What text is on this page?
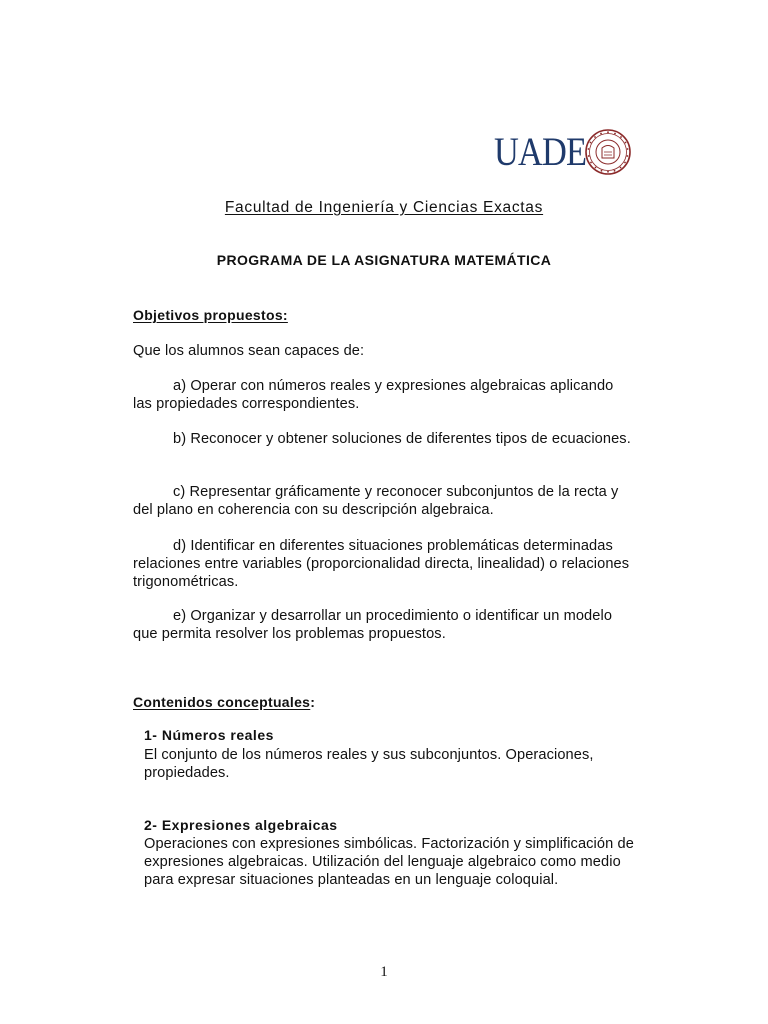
UADE
Facultad de Ingeniería y Ciencias Exactas
PROGRAMA DE LA ASIGNATURA MATEMÁTICA
Objetivos propuestos:

Que los alumnos sean capaces de:

a) Operar con números reales y expresiones algebraicas aplicando las propiedades correspondientes.

b) Reconocer y obtener soluciones de diferentes tipos de ecuaciones.

c) Representar gráficamente y reconocer subconjuntos de la recta y del plano en coherencia con su descripción algebraica.

d) Identificar en diferentes situaciones problemáticas determinadas relaciones entre variables (proporcionalidad directa, linealidad) o relaciones trigonométricas.

e) Organizar y desarrollar un procedimiento o identificar un modelo que permita resolver los problemas propuestos.

Contenidos conceptuales:
1- Números reales

El conjunto de los números reales y sus subconjuntos. Operaciones, propiedades.

2- Expresiones algebraicas

Operaciones con expresiones simbólicas. Factorización y simplificación de expresiones algebraicas. Utilización del lenguaje algebraico como medio para expresar situaciones planteadas en un lenguaje coloquial.

1
